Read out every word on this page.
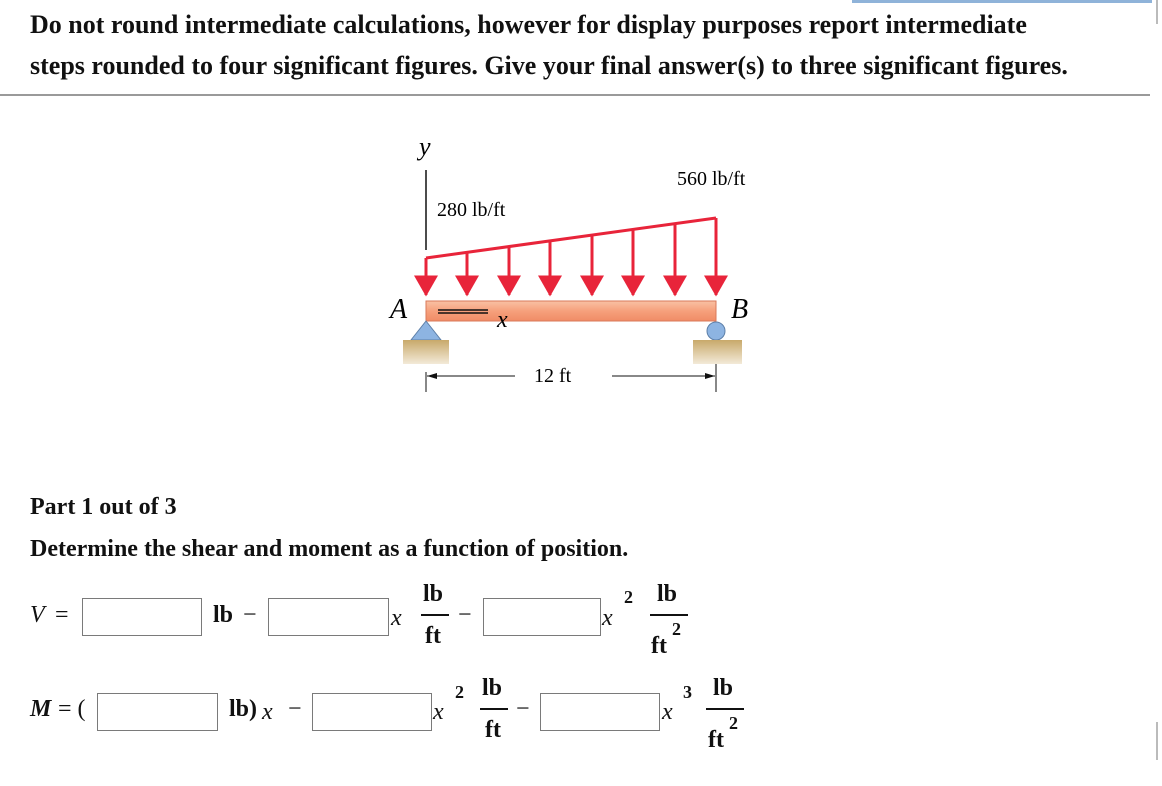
Do not round intermediate calculations, however for display purposes report intermediate

steps rounded to four significant figures. Give your final answer(s) to three significant figures.

y
280 lb/ft
560 lb/ft
x
A	B
12 ft

Part 1 out of 3

Determine the shear and moment as a function of position.

V =	lb −	x
lb
ft
−	x
2 lb
ft
2
M = (	lb) x −	x
2 lb
ft
−	x
3 lb
ft
2
